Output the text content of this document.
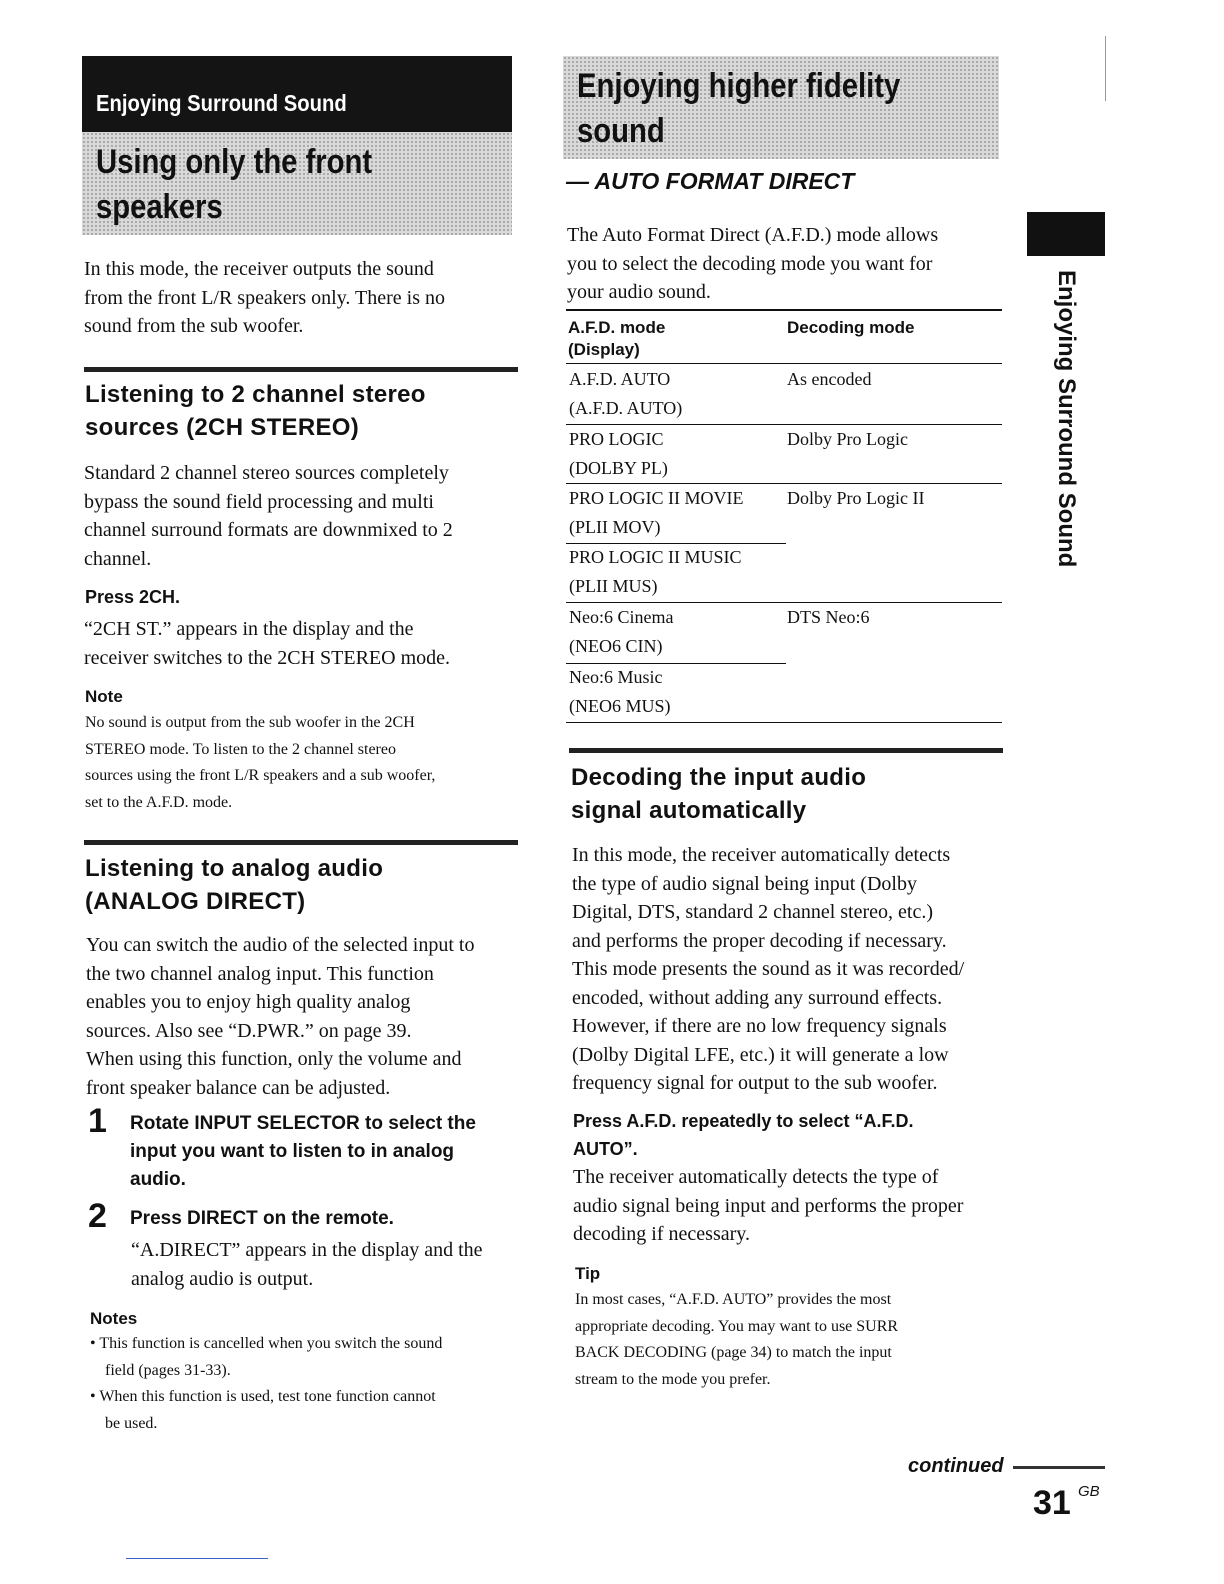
Enjoying Surround Sound
Using only the front
speakers
In this mode, the receiver outputs the sound
from the front L/R speakers only. There is no
sound from the sub woofer.
Listening to 2 channel stereo
sources (2CH STEREO)
Standard 2 channel stereo sources completely
bypass the sound field processing and multi
channel surround formats are downmixed to 2
channel.
Press 2CH.
“2CH ST.” appears in the display and the
receiver switches to the 2CH STEREO mode.
Note
No sound is output from the sub woofer in the 2CH
STEREO mode. To listen to the 2 channel stereo
sources using the front L/R speakers and a sub woofer,
set to the A.F.D. mode.
Listening to analog audio
(ANALOG DIRECT)
You can switch the audio of the selected input to
the two channel analog input. This function
enables you to enjoy high quality analog
sources. Also see “D.PWR.” on page 39.
When using this function, only the volume and
front speaker balance can be adjusted.
1 Rotate INPUT SELECTOR to select the
input you want to listen to in analog
audio.
2 Press DIRECT on the remote.
“A.DIRECT” appears in the display and the
analog audio is output.
Notes
• This function is cancelled when you switch the sound
field (pages 31-33).
• When this function is used, test tone function cannot
be used.
Enjoying higher fidelity
sound
— AUTO FORMAT DIRECT
The Auto Format Direct (A.F.D.) mode allows
you to select the decoding mode you want for
your audio sound.
A.F.D. mode
(Display)
Decoding mode
A.F.D. AUTO
(A.F.D. AUTO)
As encoded
PRO LOGIC
(DOLBY PL)
Dolby Pro Logic
PRO LOGIC II MOVIE
(PLII MOV)
Dolby Pro Logic II
PRO LOGIC II MUSIC
(PLII MUS)
Neo:6 Cinema
(NEO6 CIN)
DTS Neo:6
Neo:6 Music
(NEO6 MUS)
Decoding the input audio
signal automatically
In this mode, the receiver automatically detects
the type of audio signal being input (Dolby
Digital, DTS, standard 2 channel stereo, etc.)
and performs the proper decoding if necessary.
This mode presents the sound as it was recorded/
encoded, without adding any surround effects.
However, if there are no low frequency signals
(Dolby Digital LFE, etc.) it will generate a low
frequency signal for output to the sub woofer.
Press A.F.D. repeatedly to select “A.F.D.
AUTO”.
The receiver automatically detects the type of
audio signal being input and performs the proper
decoding if necessary.
Tip
In most cases, “A.F.D. AUTO” provides the most
appropriate decoding. You may want to use SURR
BACK DECODING (page 34) to match the input
stream to the mode you prefer.
Enjoying Surround Sound
continued
31 GB
